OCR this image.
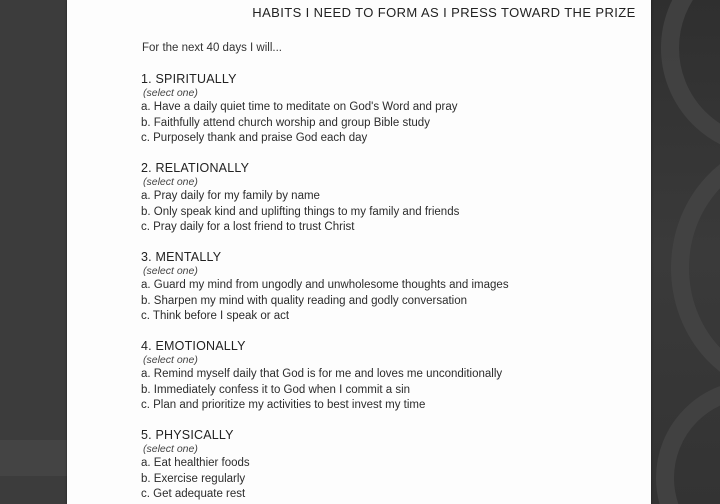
HABITS I NEED TO FORM AS I PRESS TOWARD THE PRIZE
For the next 40 days I will...
1. SPIRITUALLY
(select one)
a. Have a daily quiet time to meditate on God's Word and pray
b. Faithfully attend church worship and group Bible study
c. Purposely thank and praise God each day
2. RELATIONALLY
(select one)
a. Pray daily for my family by name
b. Only speak kind and uplifting things to my family and friends
c. Pray daily for a lost friend to trust Christ
3. MENTALLY
(select one)
a. Guard my mind from ungodly and unwholesome thoughts and images
b. Sharpen my mind with quality reading and godly conversation
c. Think before I speak or act
4. EMOTIONALLY
(select one)
a. Remind myself daily that God is for me and loves me unconditionally
b. Immediately confess it to God when I commit a sin
c. Plan and prioritize my activities to best invest my time
5. PHYSICALLY
(select one)
a. Eat healthier foods
b. Exercise regularly
c. Get adequate rest
